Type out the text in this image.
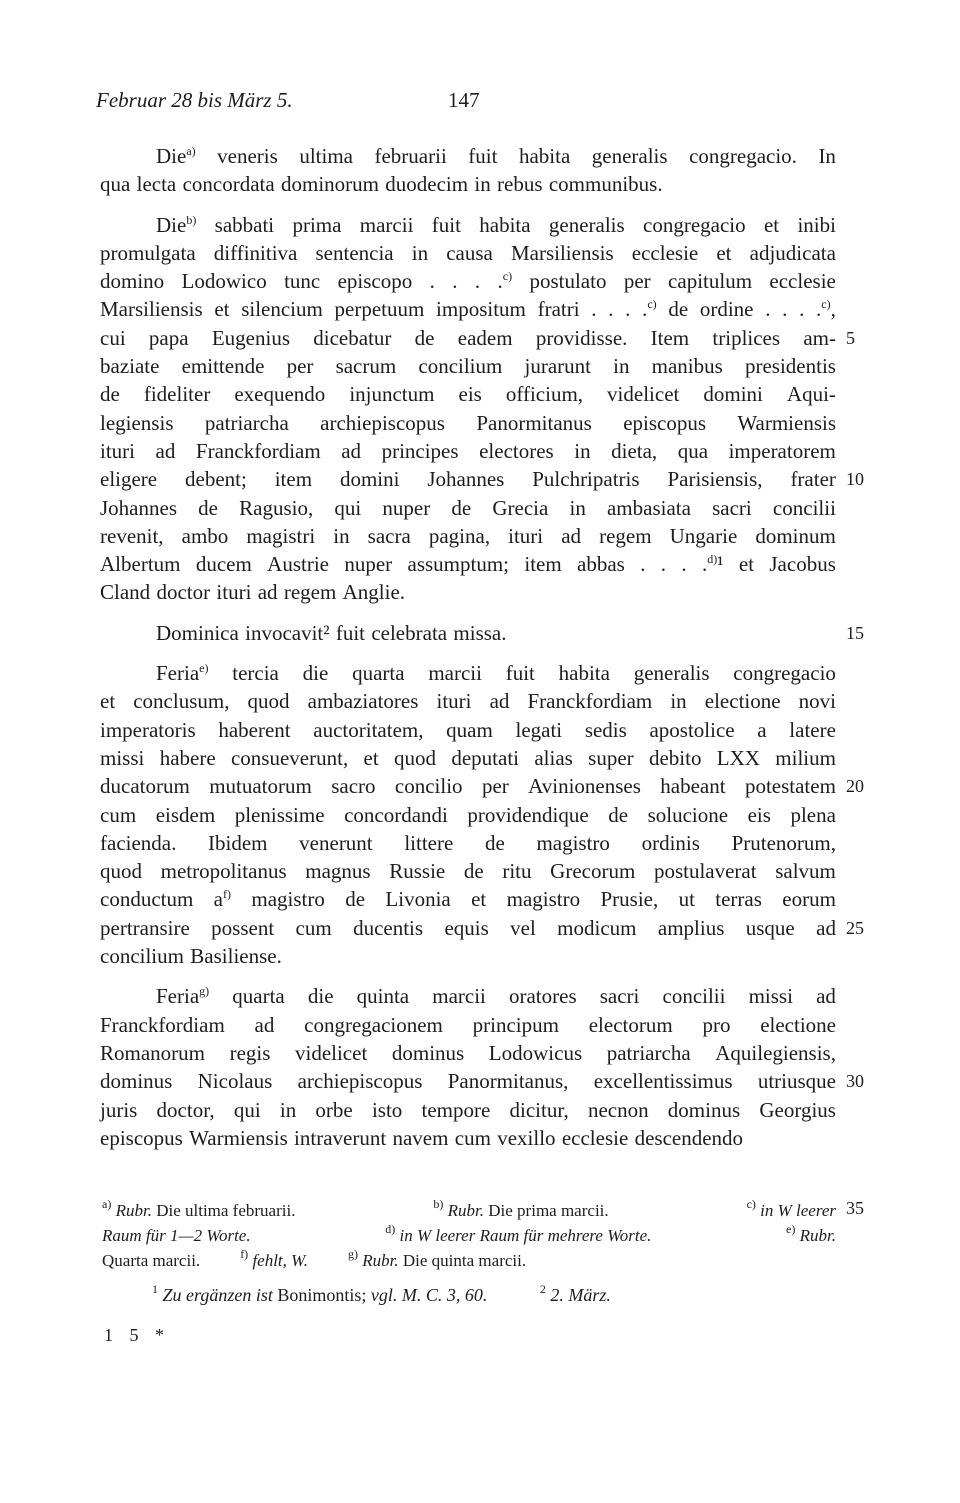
Februar 28 bis März 5.	147
Die$^{a)}$ veneris ultima februarii fuit habita generalis congregacio. In
qua lecta concordata dominorum duodecim in rebus communibus.
Die$^{b)}$ sabbati prima marcii fuit habita generalis congregacio et inibi
promulgata diffinitiva sentencia in causa Marsiliensis ecclesie et adjudicata
domino Lodowico tunc episcopo . . . .$^{c)}$ postulato per capitulum ecclesie
Marsiliensis et silencium perpetuum impositum fratri . . . .$^{c)}$ de ordine . . . .$^{c)}$,
cui papa Eugenius dicebatur de eadem providisse. Item triplices am-
baziate emittende per sacrum concilium jurarunt in manibus presidentis
de fideliter exequendo injunctum eis officium, videlicet domini Aqui-
legiensis patriarcha archiepiscopus Panormitanus episcopus Warmiensis
ituri ad Franckfordiam ad principes electores in dieta, qua imperatorem
eligere debent; item domini Johannes Pulchripatris Parisiensis, frater
Johannes de Ragusio, qui nuper de Grecia in ambasiata sacri concilii
revenit, ambo magistri in sacra pagina, ituri ad regem Ungarie dominum
Albertum ducem Austrie nuper assumptum; item abbas . . . .$^{d)}$¹ et Jacobus
Cland doctor ituri ad regem Anglie.
Dominica invocavit² fuit celebrata missa.
Feria$^{e)}$ tercia die quarta marcii fuit habita generalis congregacio
et conclusum, quod ambaziatores ituri ad Franckfordiam in electione novi
imperatoris haberent auctoritatem, quam legati sedis apostolice a latere
missi habere consueverunt, et quod deputati alias super debito LXX milium
ducatorum mutuatorum sacro concilio per Avinionenses habeant potestatem
cum eisdem plenissime concordandi providendique de solucione eis plena
facienda. Ibidem venerunt littere de magistro ordinis Prutenorum,
quod metropolitanus magnus Russie de ritu Grecorum postulaverat salvum
conductum $a^{f)}$ magistro de Livonia et magistro Prusie, ut terras eorum
pertransire possent cum ducentis equis vel modicum amplius usque ad
concilium Basiliense.
Feria$^{g)}$ quarta die quinta marcii oratores sacri concilii missi ad
Franckfordiam ad congregacionem principum electorum pro electione
Romanorum regis videlicet dominus Lodowicus patriarcha Aquilegiensis,
dominus Nicolaus archiepiscopus Panormitanus, excellentissimus utriusque
juris doctor, qui in orbe isto tempore dicitur, necnon dominus Georgius
episcopus Warmiensis intraverunt navem cum vexillo ecclesie descendendo
5
10
15
20
25
30
35
$^{a)}$ Rubr. Die ultima februarii.	$^{b)}$ Rubr. Die prima marcii.	$^{c)}$ in W leerer
Raum für 1—2 Worte.	$^{d)}$ in W leerer Raum für mehrere Worte.	$^{e)}$ Rubr.
Quarta marcii.	$^{f)}$ fehlt, W.	$^{g)}$ Rubr. Die quinta marcii.
$^1$ Zu ergänzen ist Bonimontis; vgl. M. C. 3, 60.	$^2$ 2. März.
1 5 *
